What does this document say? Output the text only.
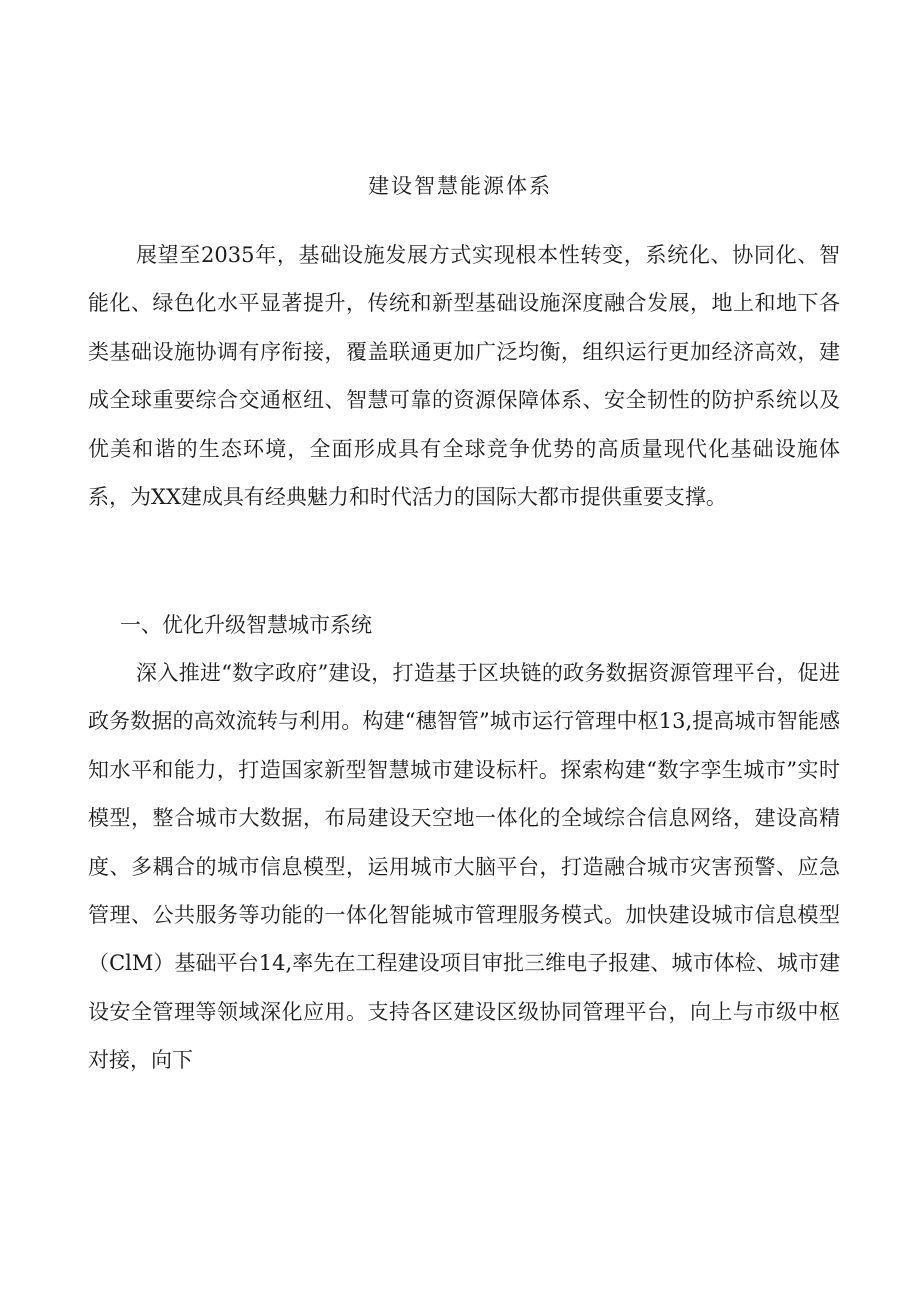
建设智慧能源体系

展望至2035年，基础设施发展方式实现根本性转变，系统化、协同化、智能化、绿色化水平显著提升，传统和新型基础设施深度融合发展，地上和地下各类基础设施协调有序衔接，覆盖联通更加广泛均衡，组织运行更加经济高效，建成全球重要综合交通枢纽、智慧可靠的资源保障体系、安全韧性的防护系统以及优美和谐的生态环境，全面形成具有全球竞争优势的高质量现代化基础设施体系，为XX建成具有经典魅力和时代活力的国际大都市提供重要支撑。

一、优化升级智慧城市系统

深入推进“数字政府”建设，打造基于区块链的政务数据资源管理平台，促进政务数据的高效流转与利用。构建“穗智管”城市运行管理中枢13,提高城市智能感知水平和能力，打造国家新型智慧城市建设标杆。探索构建“数字孪生城市”实时模型，整合城市大数据，布局建设天空地一体化的全域综合信息网络，建设高精度、多耦合的城市信息模型，运用城市大脑平台，打造融合城市灾害预警、应急管理、公共服务等功能的一体化智能城市管理服务模式。加快建设城市信息模型（ClM）基础平台14,率先在工程建设项目审批三维电子报建、城市体检、城市建设安全管理等领域深化应用。支持各区建设区级协同管理平台，向上与市级中枢对接，向下
